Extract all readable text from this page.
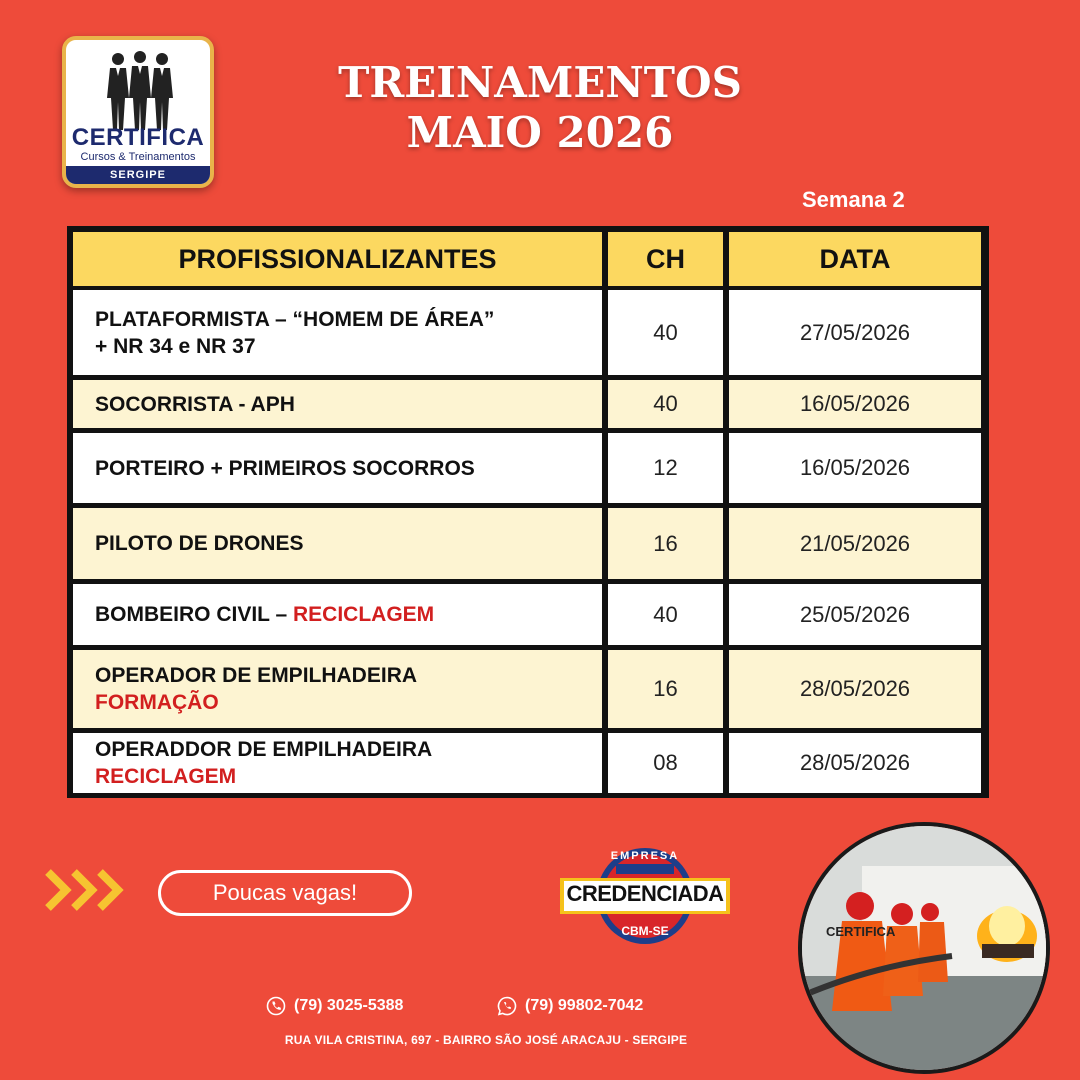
CERTIFICA
Cursos & Treinamentos
SERGIPE
TREINAMENTOS
MAIO 2026
Semana 2
PROFISSIONALIZANTES	CH	DATA
PLATAFORMISTA – “HOMEM DE ÁREA”
+ NR 34 e NR 37
40	27/05/2026
SOCORRISTA - APH	40	16/05/2026
PORTEIRO + PRIMEIROS SOCORROS	12	16/05/2026
PILOTO DE DRONES	16	21/05/2026
BOMBEIRO CIVIL – RECICLAGEM	40	25/05/2026
OPERADOR DE EMPILHADEIRA
FORMAÇÃO
16	28/05/2026
OPERADDOR DE EMPILHADEIRA
RECICLAGEM
08	28/05/2026
Poucas vagas!
EMPRESA
CREDENCIADA
CBM-SE	CERTIFICA
(79) 3025-5388	(79) 99802-7042
RUA VILA CRISTINA, 697 - BAIRRO SÃO JOSÉ ARACAJU - SERGIPE
